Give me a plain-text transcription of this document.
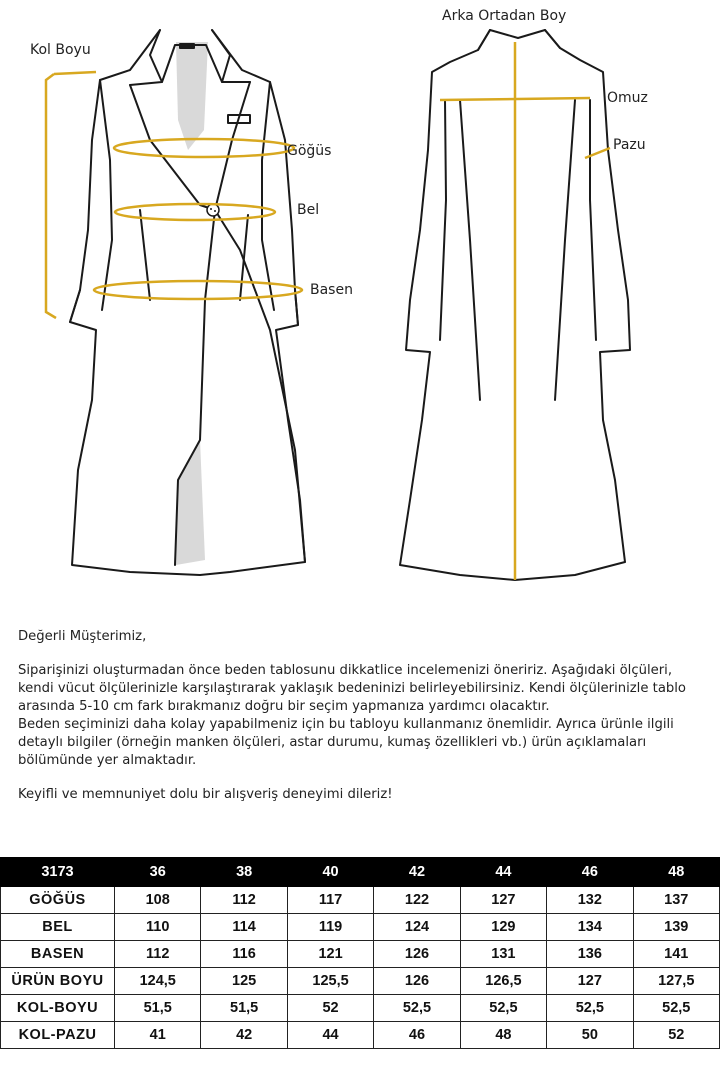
Kol Boyu
Göğüs
Bel
Basen
Arka Ortadan Boy
Omuz
Pazu

Değerli Müşterimiz,

Siparişinizi oluşturmadan önce beden tablosunu dikkatlice incelemenizi öneririz. Aşağıdaki ölçüleri, kendi vücut ölçülerinizle karşılaştırarak yaklaşık bedeninizi belirleyebilirsiniz. Kendi ölçülerinizle tablo arasında 5-10 cm fark bırakmanız doğru bir seçim yapmanıza yardımcı olacaktır.

Beden seçiminizi daha kolay yapabilmeniz için bu tabloyu kullanmanız önemlidir. Ayrıca ürünle ilgili detaylı bilgiler (örneğin manken ölçüleri, astar durumu, kumaş özellikleri vb.) ürün açıklamaları bölümünde yer almaktadır.

Keyifli ve memnuniyet dolu bir alışveriş deneyimi dileriz!

3173	36	38	40	42	44	46	48
GÖĞÜS	108	112	117	122	127	132	137
BEL	110	114	119	124	129	134	139
BASEN	112	116	121	126	131	136	141
ÜRÜN BOYU	124,5	125	125,5	126	126,5	127	127,5
KOL-BOYU	51,5	51,5	52	52,5	52,5	52,5	52,5
KOL-PAZU	41	42	44	46	48	50	52
